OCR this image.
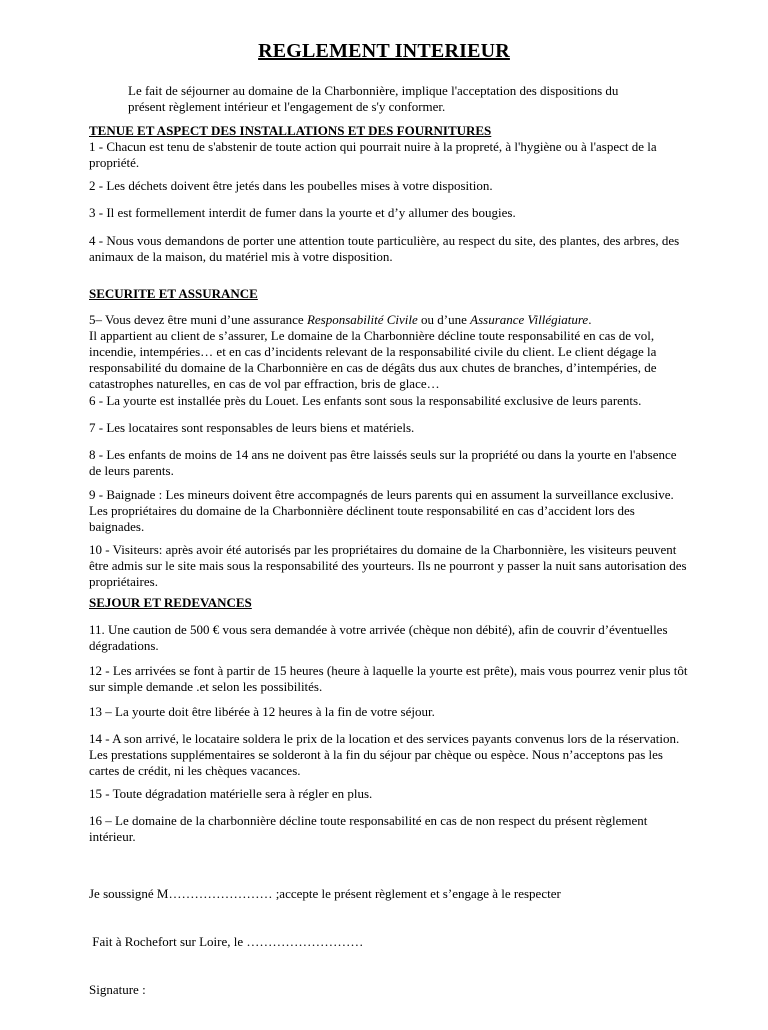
REGLEMENT INTERIEUR

Le fait de séjourner au domaine de la Charbonnière, implique l'acceptation des dispositions du présent règlement intérieur et l'engagement de s'y conformer.

TENUE ET ASPECT DES INSTALLATIONS ET DES FOURNITURES

1 - Chacun est tenu de s'abstenir de toute action qui pourrait nuire à la propreté, à l'hygiène ou à l'aspect de la propriété.

2 - Les déchets doivent être jetés dans les poubelles mises à votre disposition.
3 - Il est formellement interdit de fumer dans la yourte et d’y allumer des bougies.
4 - Nous vous demandons de porter une attention toute particulière, au respect du site, des plantes, des arbres, des animaux de la maison, du matériel mis à votre disposition.
SECURITE ET ASSURANCE
5– Vous devez être muni d’une assurance Responsabilité Civile ou d’une Assurance Villégiature.

Il appartient au client de s’assurer, Le domaine de la Charbonnière décline toute responsabilité en cas de vol, incendie, intempéries… et en cas d’incidents relevant de la responsabilité civile du client. Le client dégage la responsabilité du domaine de la Charbonnière en cas de dégâts dus aux chutes de branches, d’intempéries, de catastrophes naturelles, en cas de vol par effraction, bris de glace…

6 - La yourte est installée près du Louet. Les enfants sont sous la responsabilité exclusive de leurs parents.
7 - Les locataires sont responsables de leurs biens et matériels.
8 - Les enfants de moins de 14 ans ne doivent pas être laissés seuls sur la propriété ou dans la yourte en l'absence de leurs parents.
9 - Baignade : Les mineurs doivent être accompagnés de leurs parents qui en assument la surveillance exclusive. Les propriétaires du domaine de la Charbonnière déclinent toute responsabilité en cas d’accident lors des baignades.
10 - Visiteurs: après avoir été autorisés par les propriétaires du domaine de la Charbonnière, les visiteurs peuvent être admis sur le site mais sous la responsabilité des yourteurs. Ils ne pourront y passer la nuit sans autorisation des propriétaires.
SEJOUR ET REDEVANCES
11. Une caution de 500 € vous sera demandée à votre arrivée (chèque non débité), afin de couvrir d’éventuelles dégradations.
12 - Les arrivées se font à partir de 15 heures (heure à laquelle la yourte est prête), mais vous pourrez venir plus tôt sur simple demande .et selon les possibilités.
13 – La yourte doit être libérée à 12 heures à la fin de votre séjour.
14 - A son arrivé, le locataire soldera le prix de la location et des services payants convenus lors de la réservation. Les prestations supplémentaires se solderont à la fin du séjour par chèque ou espèce. Nous n’acceptons pas les cartes de crédit, ni les chèques vacances.
15 - Toute dégradation matérielle sera à régler en plus.
16 – Le domaine de la charbonnière décline toute responsabilité en cas de non respect du présent règlement intérieur.

Je soussigné M…………………… ;accepte le présent règlement et s’engage à le respecter

Fait à Rochefort sur Loire, le ………………………

Signature :
